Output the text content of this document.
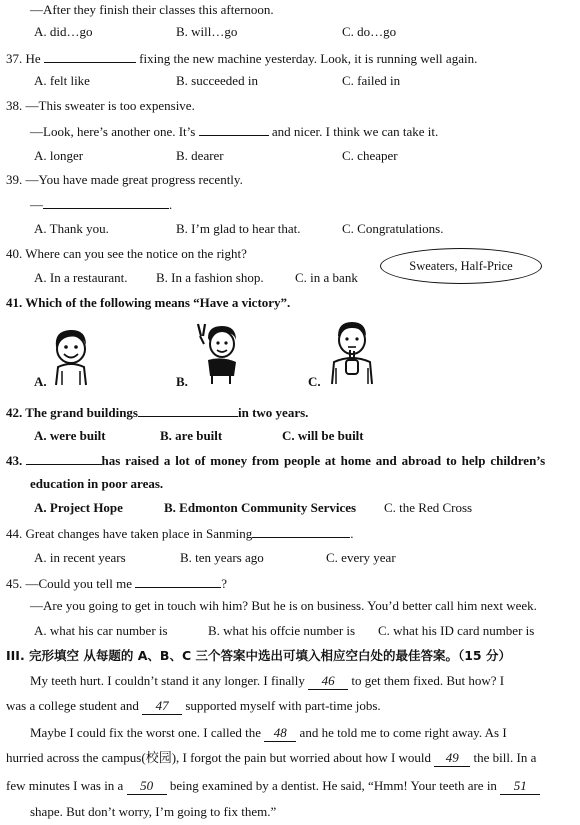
—After they finish their classes this afternoon.
A. did…go	B. will…go	C. do…go
37. He	fixing the new machine yesterday. Look, it is running well again.
A. felt like	B. succeeded in	C. failed in
38. —This sweater is too expensive.
—Look, here’s another one. It’s	and nicer. I think we can take it.
A. longer	B. dearer	C. cheaper
39. —You have made great progress recently.
—	.
A. Thank you.	B. I’m glad to hear that.	C. Congratulations.
40. Where can you see the notice on the right?
A. In a restaurant. B. In a fashion shop. C. in a bank
Sweaters, Half-Price
41. Which of the following means “Have a victory”.
A.	B.	C.
42. The grand buildings	in two years.
A. were built	B. are built	C. will be built
43.	has raised a lot of money from people at home and abroad to help children’s
education in poor areas.
A. Project Hope	B. Edmonton Community Services C. the Red Cross
44. Great changes have taken place in Sanming	.
A. in recent years	B. ten years ago	C. every year
45. —Could you tell me	?
—Are you going to get in touch wih him? But he is on business. You’d better call him next week.
A. what his car number is	B. what his offcie number is C. what his ID card number is
III. 完形填空 从每题的 A、B、C 三个答案中选出可填入相应空白处的最佳答案。（15 分）
My teeth hurt. I couldn’t stand it any longer. I finally 46 to get them fixed. But how? I
was a college student and 47 supported myself with part-time jobs.
Maybe I could fix the worst one. I called the 48 and he told me to come right away. As I
hurried across the campus(校园), I forgot the pain but worried about how I would 49 the bill. In a
few minutes I was in a 50 being examined by a dentist. He said, “Hmm! Your teeth are in 51
shape. But don’t worry, I’m going to fix them.”
